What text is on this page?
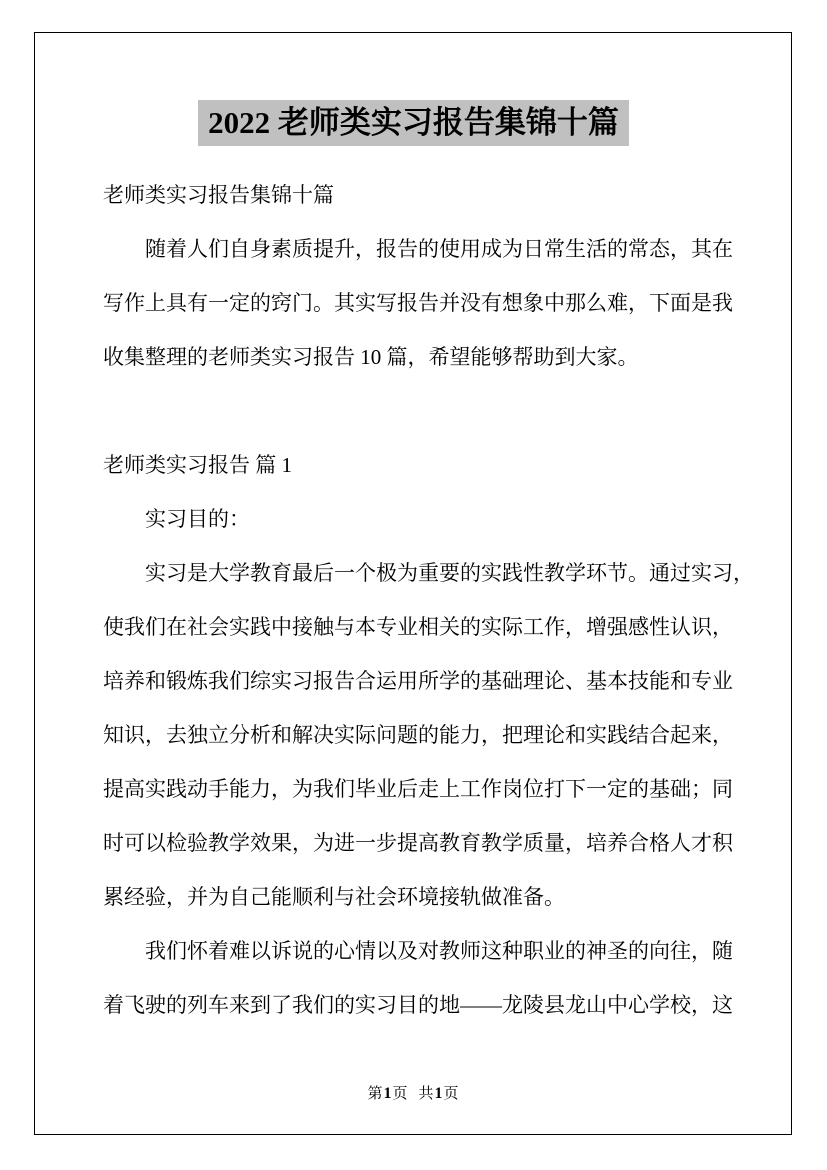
2022 老师类实习报告集锦十篇
老师类实习报告集锦十篇
随着人们自身素质提升，报告的使用成为日常生活的常态，其在
写作上具有一定的窍门。其实写报告并没有想象中那么难，下面是我
收集整理的老师类实习报告 10 篇，希望能够帮助到大家。
老师类实习报告 篇 1
实习目的：
实习是大学教育最后一个极为重要的实践性教学环节。通过实习，
使我们在社会实践中接触与本专业相关的实际工作，增强感性认识，
培养和锻炼我们综实习报告合运用所学的基础理论、基本技能和专业
知识，去独立分析和解决实际问题的能力，把理论和实践结合起来，
提高实践动手能力，为我们毕业后走上工作岗位打下一定的基础；同
时可以检验教学效果，为进一步提高教育教学质量，培养合格人才积
累经验，并为自己能顺利与社会环境接轨做准备。
我们怀着难以诉说的心情以及对教师这种职业的神圣的向往，随
着飞驶的列车来到了我们的实习目的地——龙陵县龙山中心学校，这
第1页 共1页
